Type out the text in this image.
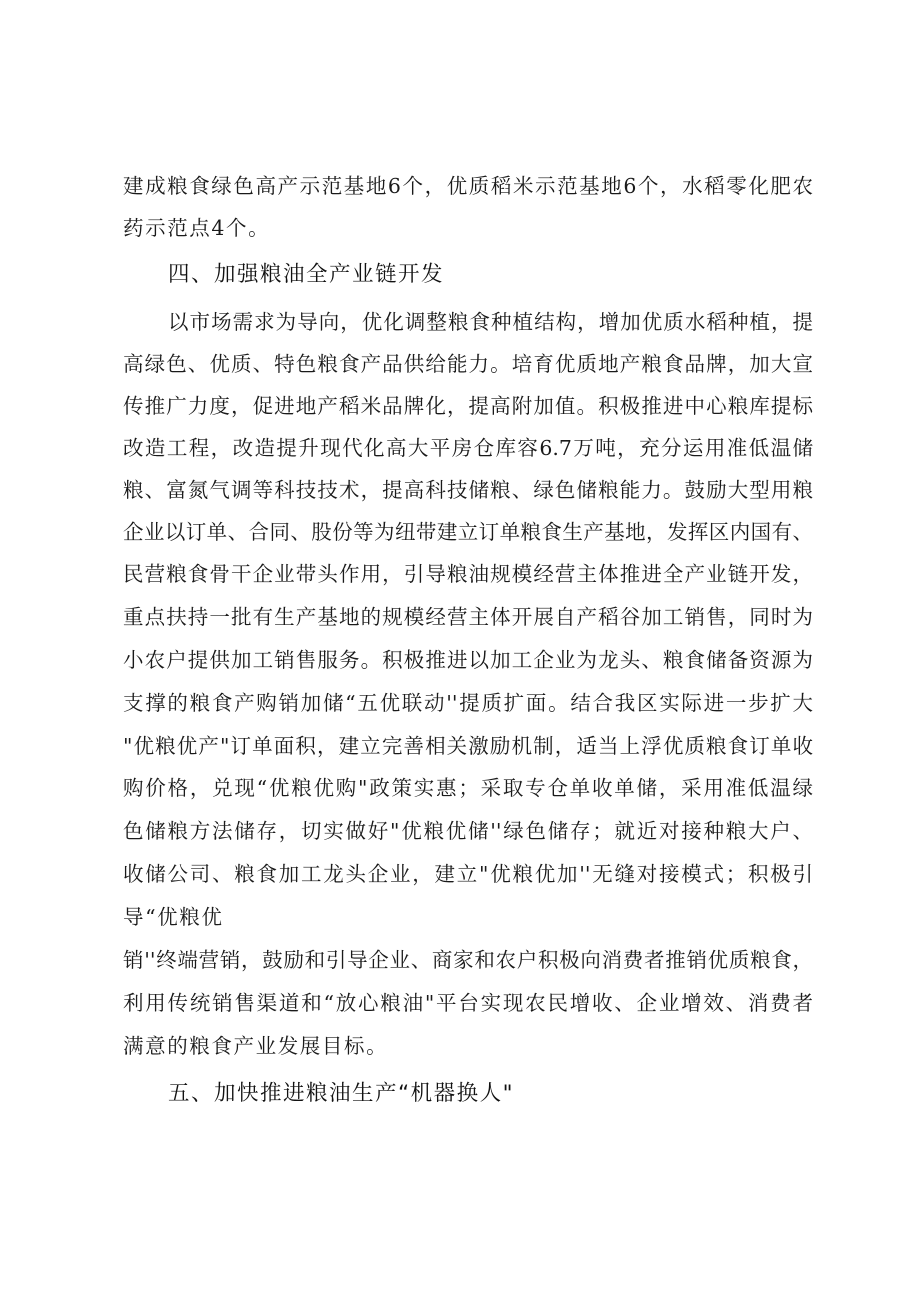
建成粮食绿色高产示范基地6个，优质稻米示范基地6个，水稻零化肥农
药示范点4个。
四、加强粮油全产业链开发
以市场需求为导向，优化调整粮食种植结构，增加优质水稻种植，提
高绿色、优质、特色粮食产品供给能力。培育优质地产粮食品牌，加大宣
传推广力度，促进地产稻米品牌化，提高附加值。积极推进中心粮库提标
改造工程，改造提升现代化高大平房仓库容6.7万吨，充分运用准低温储
粮、富氮气调等科技技术，提高科技储粮、绿色储粮能力。鼓励大型用粮
企业以订单、合同、股份等为纽带建立订单粮食生产基地，发挥区内国有、
民营粮食骨干企业带头作用，引导粮油规模经营主体推进全产业链开发，
重点扶持一批有生产基地的规模经营主体开展自产稻谷加工销售，同时为
小农户提供加工销售服务。积极推进以加工企业为龙头、粮食储备资源为
支撑的粮食产购销加储“五优联动''提质扩面。结合我区实际进一步扩大
"优粮优产"订单面积，建立完善相关激励机制，适当上浮优质粮食订单收
购价格，兑现“优粮优购"政策实惠；采取专仓单收单储，采用准低温绿
色储粮方法储存，切实做好"优粮优储''绿色储存；就近对接种粮大户、
收储公司、粮食加工龙头企业，建立"优粮优加''无缝对接模式；积极引
导“优粮优
销''终端营销，鼓励和引导企业、商家和农户积极向消费者推销优质粮食，
利用传统销售渠道和“放心粮油"平台实现农民增收、企业增效、消费者
满意的粮食产业发展目标。
五、加快推进粮油生产“机器换人"
